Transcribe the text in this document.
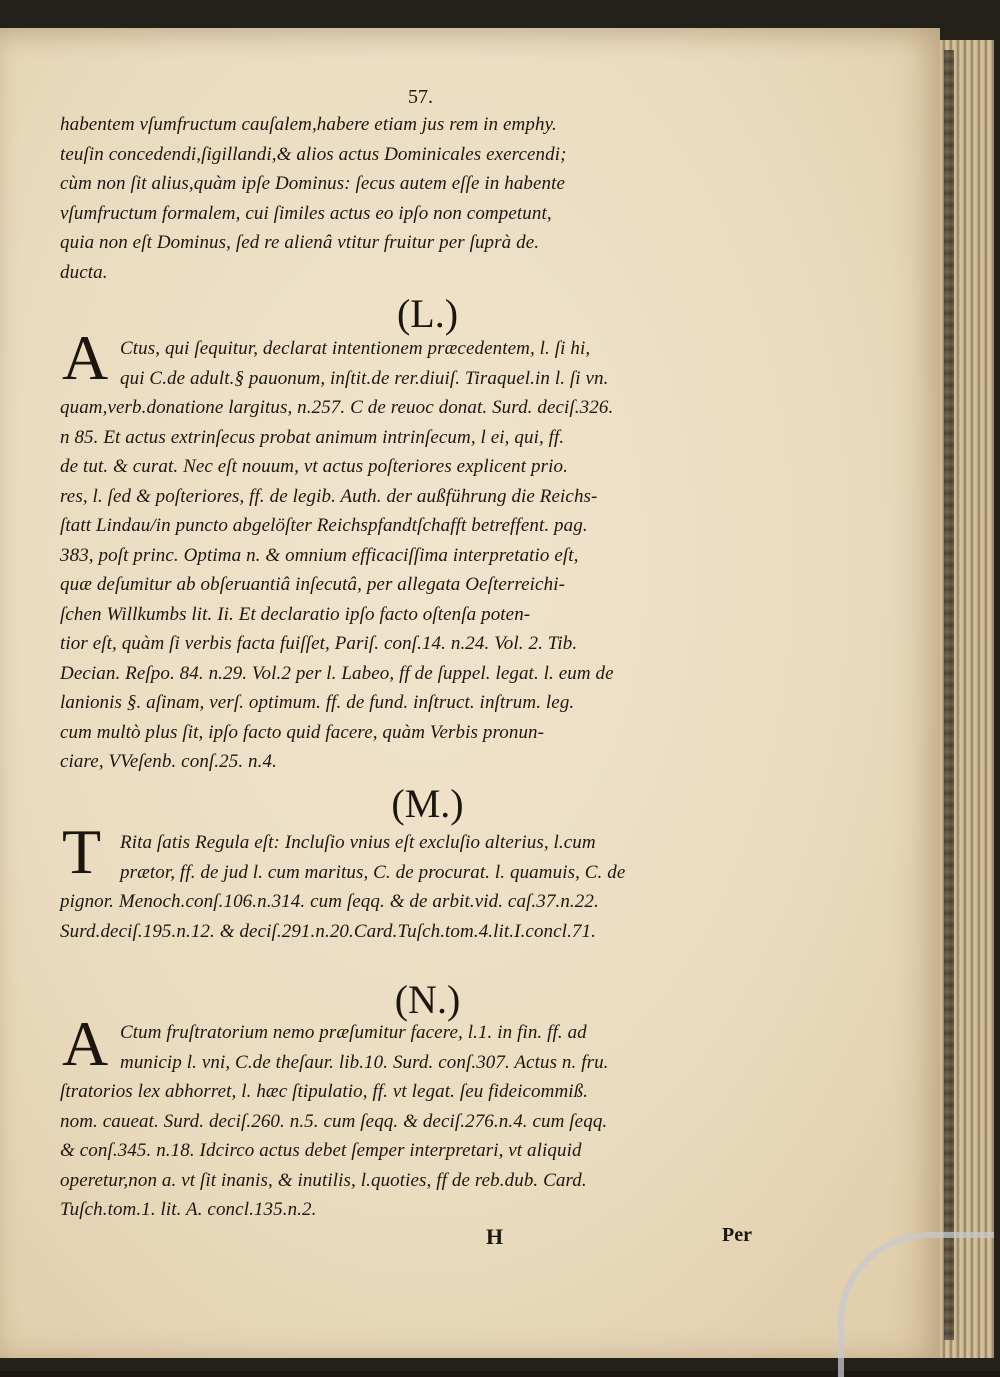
57.
habentem vſumfructum cauſalem,habere etiam jus rem in emphy.
teuſin concedendi,ſigillandi,& alios actus Dominicales exercendi;
cùm non ſit alius,quàm ipſe Dominus: ſecus autem eſſe in habente
vſumfructum formalem, cui ſimiles actus eo ipſo non competunt,
quia non eſt Dominus, ſed re alienâ vtitur fruitur per ſuprà de.
ducta.
(L.)
A Ctus, qui ſequitur, declarat intentionem præcedentem, l. ſi hi,
qui C.de adult.§ pauonum, inſtit.de rer.diuiſ. Tiraquel.in l. ſi vn.
quam,verb.donatione largitus, n.257. C de reuoc donat. Surd. deciſ.326.
n 85. Et actus extrinſecus probat animum intrinſecum, l ei, qui, ff.
de tut. & curat. Nec eſt nouum, vt actus poſteriores explicent prio.
res, l. ſed & poſteriores, ff. de legib. Auth. der außführung die Reichs-
ſtatt Lindau/in puncto abgelöſter Reichspfandtſchafft betreffent. pag.
383, poſt princ. Optima n. & omnium efficaciſſima interpretatio eſt,
quæ deſumitur ab obſeruantiâ inſecutâ, per allegata Oeſterreichi-
ſchen Willkumbs lit. Ii. Et declaratio ipſo facto oſtenſa poten-
tior eſt, quàm ſi verbis facta fuiſſet, Pariſ. conſ.14. n.24. Vol. 2. Tib.
Decian. Reſpo. 84. n.29. Vol.2 per l. Labeo, ff de ſuppel. legat. l. eum de
lanionis §. aſinam, verſ. optimum. ff. de fund. inſtruct. inſtrum. leg.
cum multò plus ſit, ipſo facto quid facere, quàm Verbis pronun-
ciare, VVeſenb. conſ.25. n.4.
(M.)
T Rita ſatis Regula eſt: Incluſio vnius eſt excluſio alterius, l.cum
prætor, ff. de jud l. cum maritus, C. de procurat. l. quamuis, C. de
pignor. Menoch.conſ.106.n.314. cum ſeqq. & de arbit.vid. caſ.37.n.22.
Surd.deciſ.195.n.12. & deciſ.291.n.20.Card.Tuſch.tom.4.lit.I.concl.71.
(N.)
A Ctum fruſtratorium nemo præſumitur facere, l.1. in fin. ff. ad
municip l. vni, C.de theſaur. lib.10. Surd. conſ.307. Actus n. fru.
ſtratorios lex abhorret, l. hæc ſtipulatio, ff. vt legat. ſeu fideicommiß.
nom. caueat. Surd. deciſ.260. n.5. cum ſeqq. & deciſ.276.n.4. cum ſeqq.
& conſ.345. n.18. Idcirco actus debet ſemper interpretari, vt aliquid
operetur,non a. vt ſit inanis, & inutilis, l.quoties, ff de reb.dub. Card.
Tuſch.tom.1. lit. A. concl.135.n.2.
H	Per
